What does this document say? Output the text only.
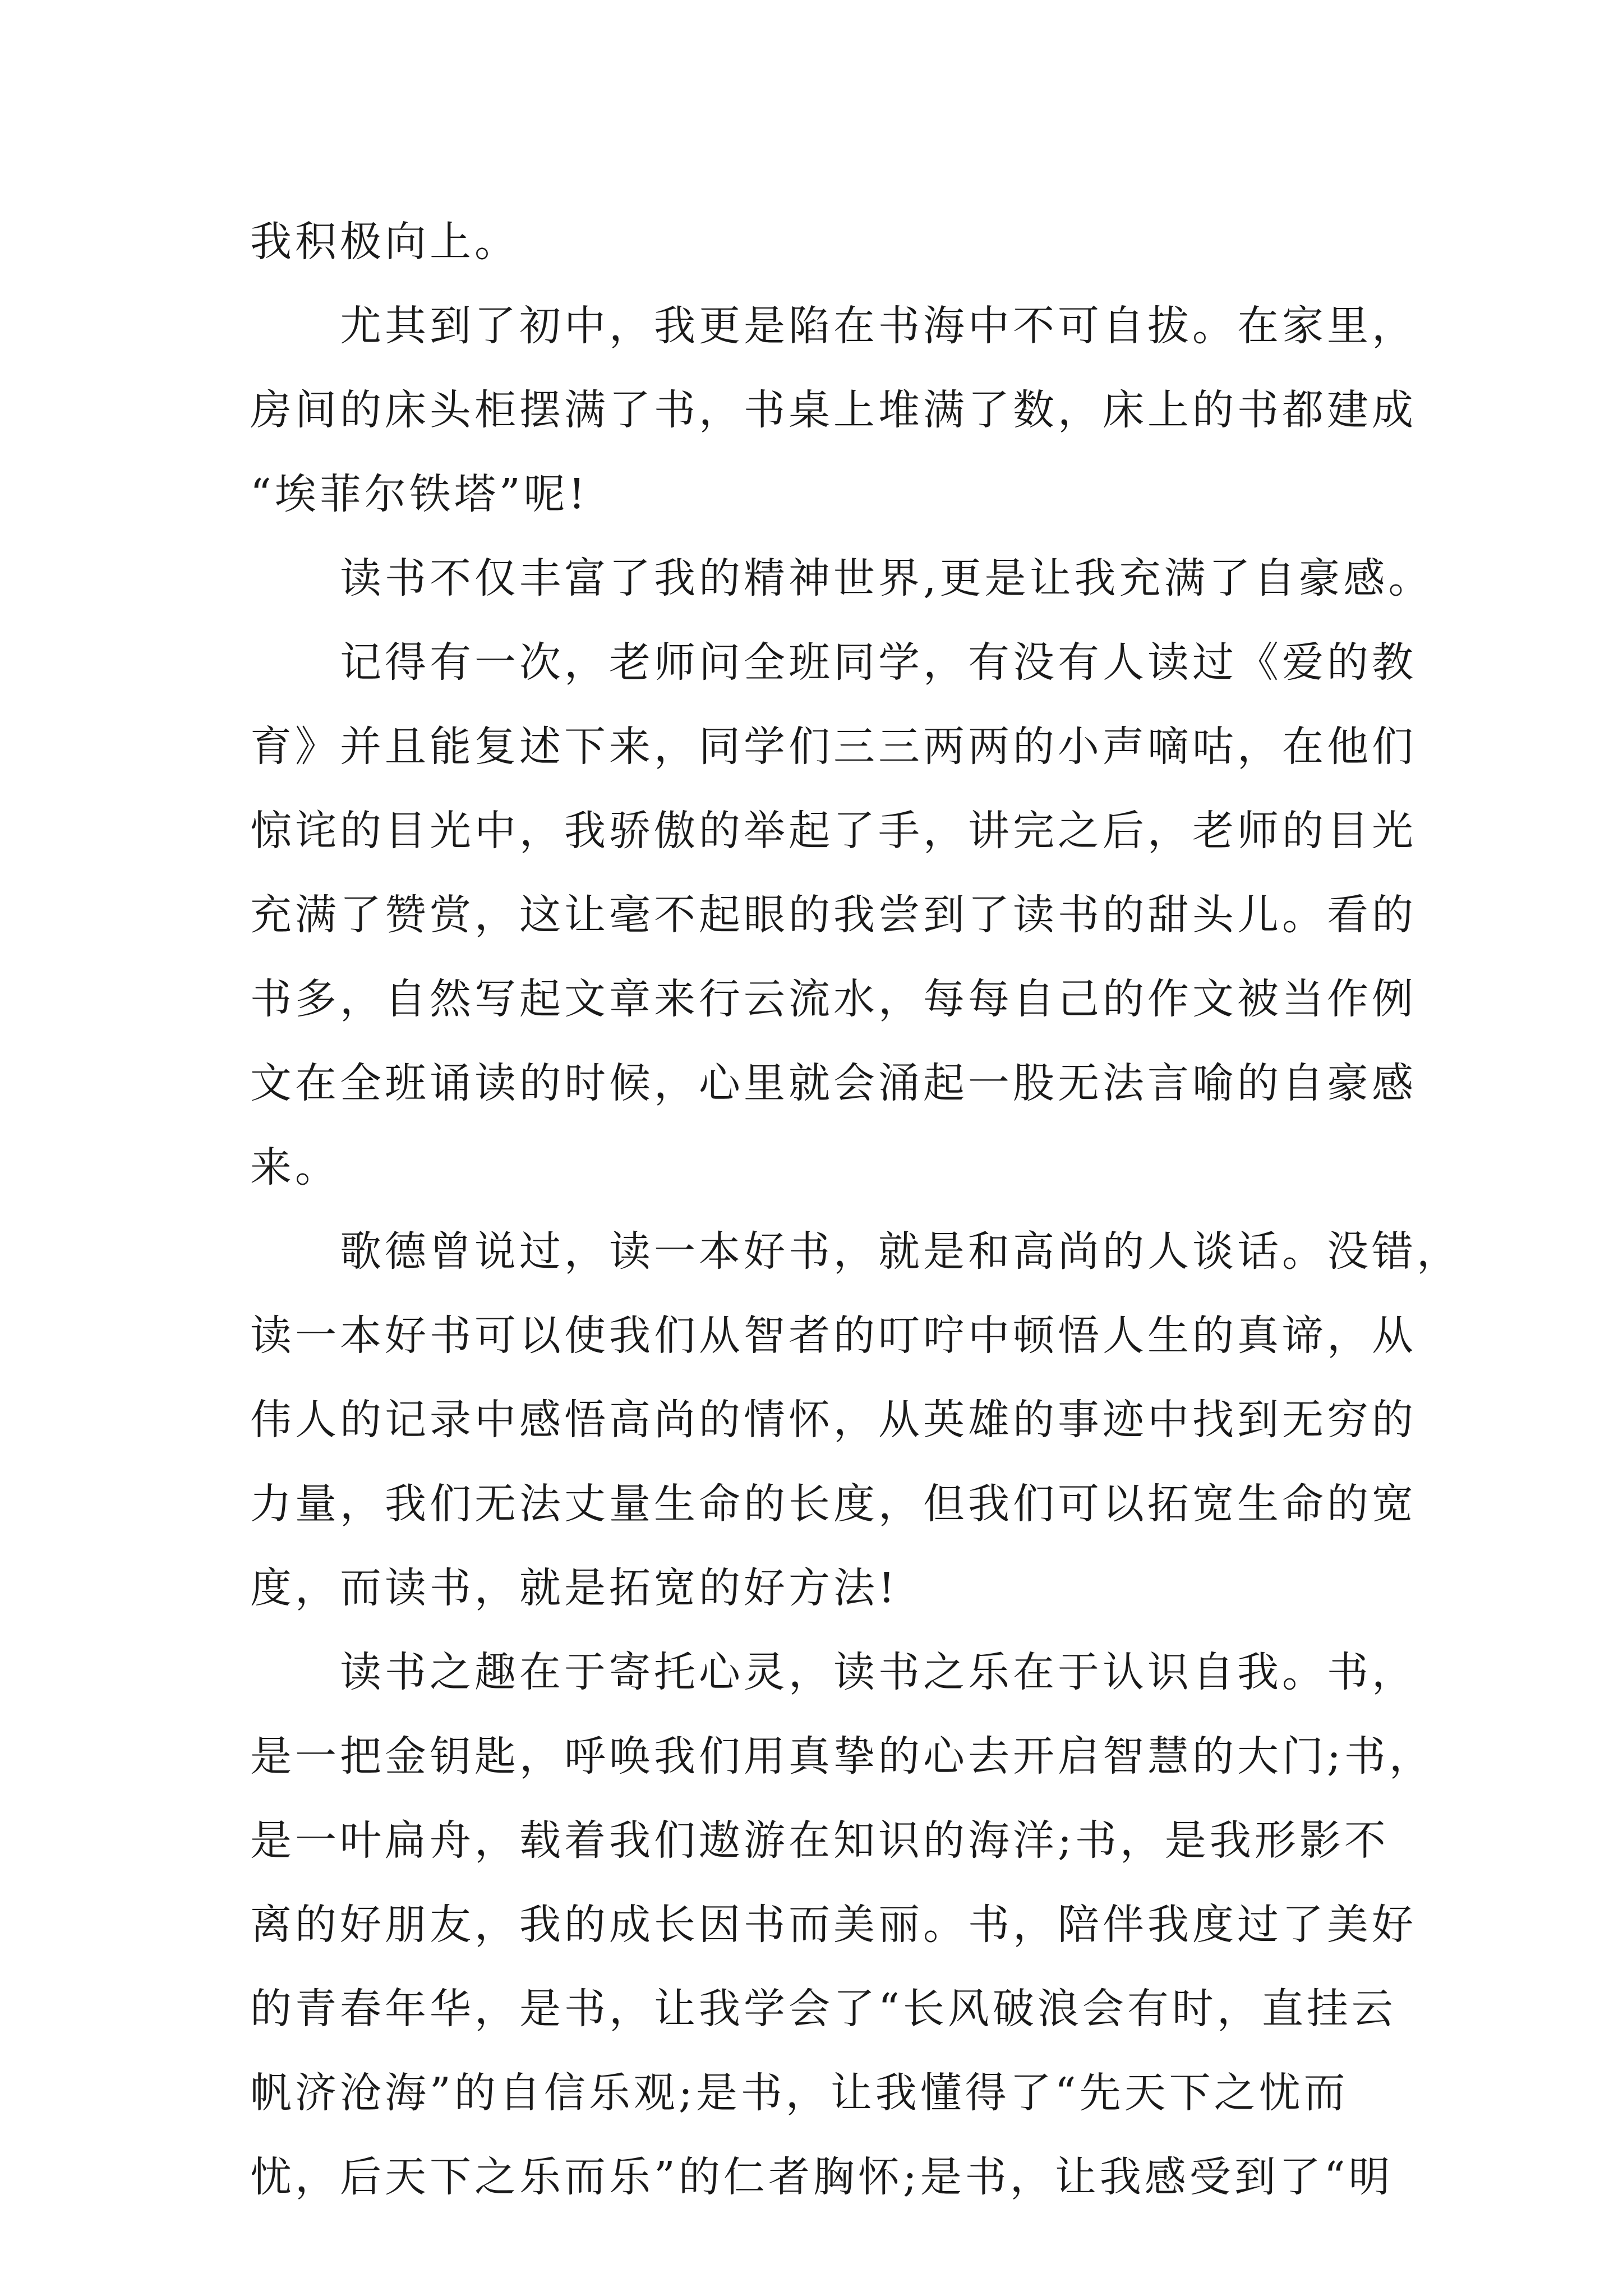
我积极向上。
　　尤其到了初中，我更是陷在书海中不可自拔。在家里，
房间的床头柜摆满了书，书桌上堆满了数，床上的书都建成
“埃菲尔铁塔”呢!
　　读书不仅丰富了我的精神世界,更是让我充满了自豪感。
　　记得有一次，老师问全班同学，有没有人读过《爱的教
育》并且能复述下来，同学们三三两两的小声嘀咕，在他们
惊诧的目光中，我骄傲的举起了手，讲完之后，老师的目光
充满了赞赏，这让毫不起眼的我尝到了读书的甜头儿。看的
书多，自然写起文章来行云流水，每每自己的作文被当作例
文在全班诵读的时候，心里就会涌起一股无法言喻的自豪感
来。
　　歌德曾说过，读一本好书，就是和高尚的人谈话。没错，
读一本好书可以使我们从智者的叮咛中顿悟人生的真谛，从
伟人的记录中感悟高尚的情怀，从英雄的事迹中找到无穷的
力量，我们无法丈量生命的长度，但我们可以拓宽生命的宽
度，而读书，就是拓宽的好方法!
　　读书之趣在于寄托心灵，读书之乐在于认识自我。书，
是一把金钥匙，呼唤我们用真挚的心去开启智慧的大门;书，
是一叶扁舟，载着我们遨游在知识的海洋;书，是我形影不
离的好朋友，我的成长因书而美丽。书，陪伴我度过了美好
的青春年华，是书，让我学会了“长风破浪会有时，直挂云
帆济沧海”的自信乐观;是书，让我懂得了“先天下之忧而
忧，后天下之乐而乐”的仁者胸怀;是书，让我感受到了“明
